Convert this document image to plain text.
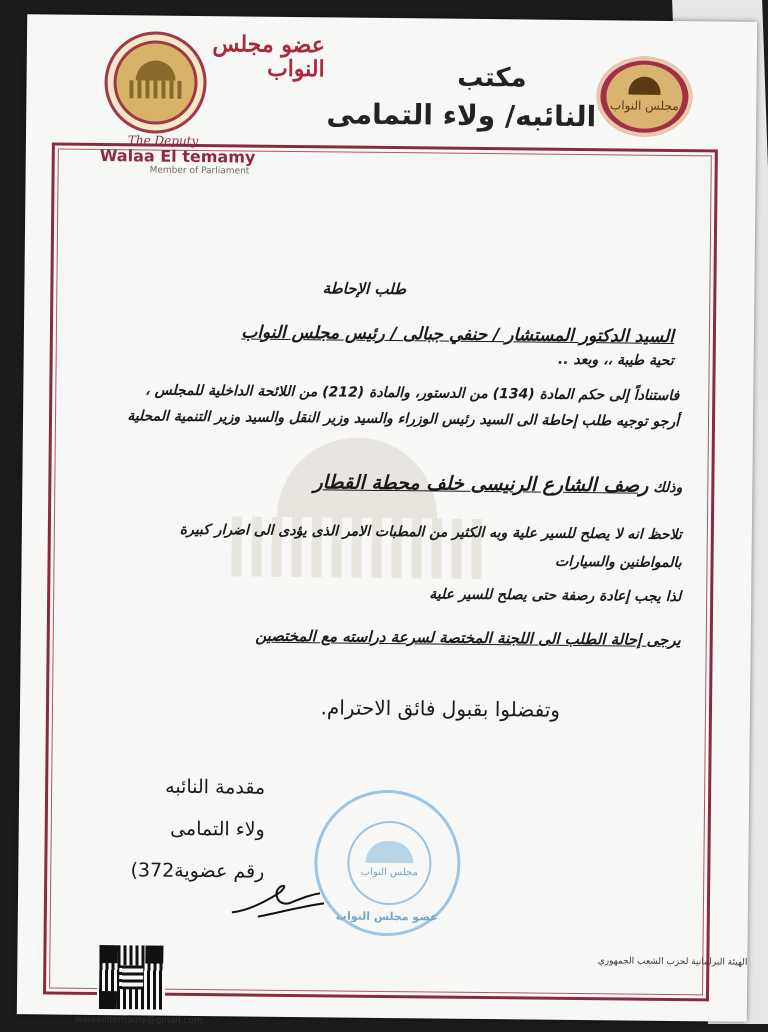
عضو مجلس النواب	مكتب
النائبه/ ولاء التمامى	مجلس النواب
The Deputy
Walaa El temamy
Member of Parliament
طلب الإحاطة
السيد الدكتور المستشار / حنفي جبالى / رئيس مجلس النواب
تحية طيبة ،، وبعد ..
فاستناداً إلى حكم المادة (134) من الدستور، والمادة (212) من اللائحة الداخلية للمجلس ، أرجو توجيه طلب إحاطة الى السيد رئيس الوزراء والسيد وزير النقل والسيد وزير التنمية المحلية
وذلك رصف الشارع الرنيسى خلف محطة القطار
تلاحظ انه لا يصلح للسير علية وبه الكثير من المطبات الامر الذى يؤدى الى اضرار كبيرة بالمواطنين والسيارات
لذا يجب إعادة رصفة حتى يصلح للسير علية
يرجى إحالة الطلب الى اللجنة المختصة لسرعة دراسته مع المختصين
وتفضلوا بقبول فائق الاحترام.
مقدمة النائبه
ولاء التمامى
رقم عضوية372)	مجلس النواب
عضو مجلس النواب
الهيئة البرلمانية لحزب الشعب الجمهوري
walaaeltemamy@gmail.com
